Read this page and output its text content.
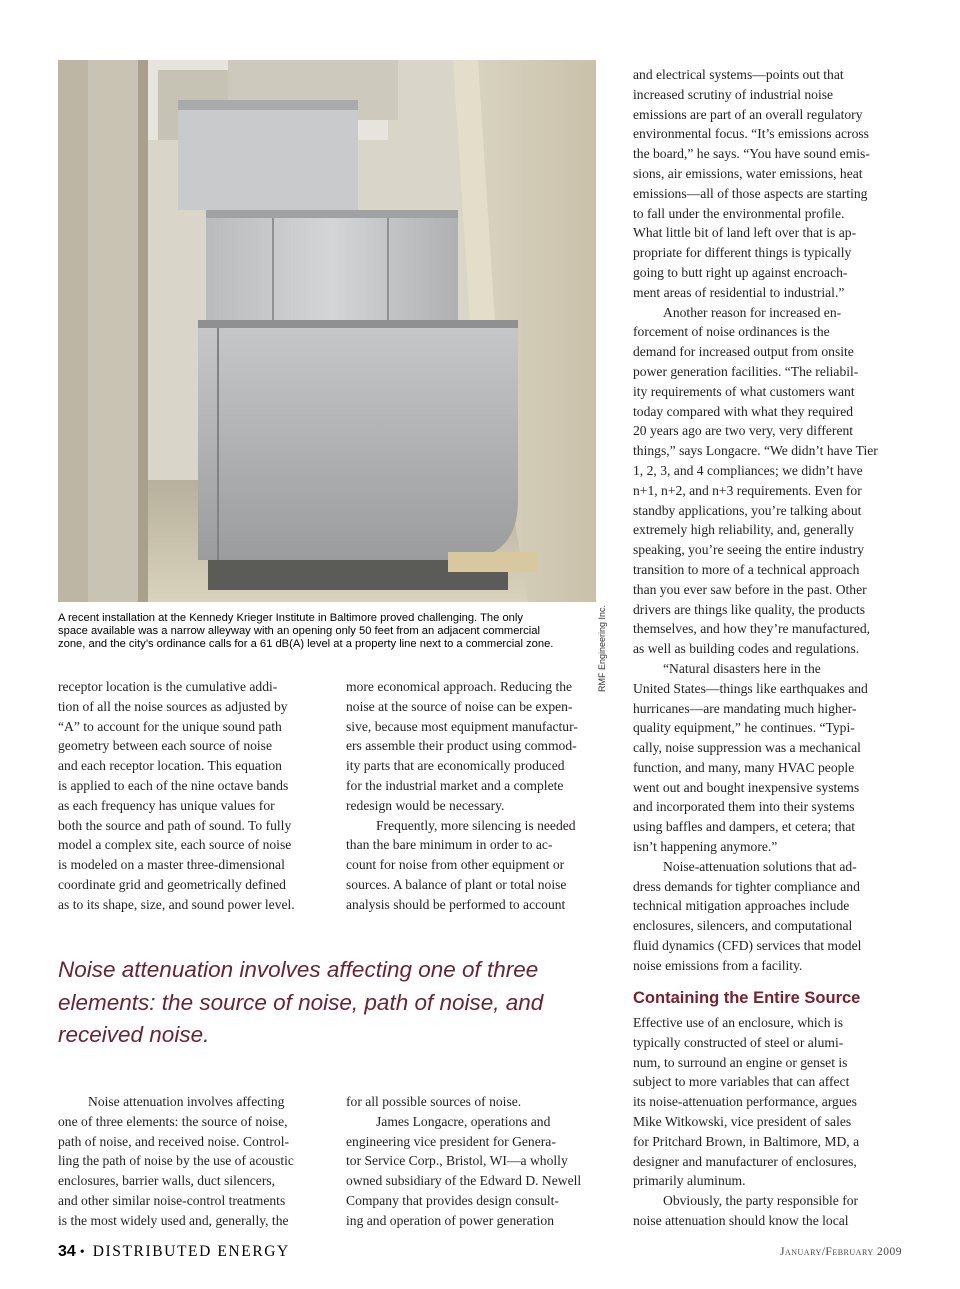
RMF Engineering Inc.

A recent installation at the Kennedy Krieger Institute in Baltimore proved challenging. The only

space available was a narrow alleyway with an opening only 50 feet from an adjacent commercial

zone, and the city’s ordinance calls for a 61 dB(A) level at a property line next to a commercial zone.

receptor location is the cumulative addi-

tion of all the noise sources as adjusted by

“A” to account for the unique sound path

geometry between each source of noise

and each receptor location. This equation

is applied to each of the nine octave bands

as each frequency has unique values for

both the source and path of sound. To fully

model a complex site, each source of noise

is modeled on a master three-dimensional

coordinate grid and geometrically defined

as to its shape, size, and sound power level.

more economical approach. Reducing the

noise at the source of noise can be expen-

sive, because most equipment manufactur-

ers assemble their product using commod-

ity parts that are economically produced

for the industrial market and a complete

redesign would be necessary.

Frequently, more silencing is needed

than the bare minimum in order to ac-

count for noise from other equipment or

sources. A balance of plant or total noise

analysis should be performed to account

Noise attenuation involves affecting one of three

elements: the source of noise, path of noise, and

received noise.

Noise attenuation involves affecting

one of three elements: the source of noise,

path of noise, and received noise. Control-

ling the path of noise by the use of acoustic

enclosures, barrier walls, duct silencers,

and other similar noise-control treatments

is the most widely used and, generally, the

for all possible sources of noise.

James Longacre, operations and

engineering vice president for Genera-

tor Service Corp., Bristol, WI—a wholly

owned subsidiary of the Edward D. Newell

Company that provides design consult-

ing and operation of power generation

and electrical systems—points out that

increased scrutiny of industrial noise

emissions are part of an overall regulatory

environmental focus. “It’s emissions across

the board,” he says. “You have sound emis-

sions, air emissions, water emissions, heat

emissions—all of those aspects are starting

to fall under the environmental profile.

What little bit of land left over that is ap-

propriate for different things is typically

going to butt right up against encroach-

ment areas of residential to industrial.”

Another reason for increased en-

forcement of noise ordinances is the

demand for increased output from onsite

power generation facilities. “The reliabil-

ity requirements of what customers want

today compared with what they required

20 years ago are two very, very different

things,” says Longacre. “We didn’t have Tier

1, 2, 3, and 4 compliances; we didn’t have

n+1, n+2, and n+3 requirements. Even for

standby applications, you’re talking about

extremely high reliability, and, generally

speaking, you’re seeing the entire industry

transition to more of a technical approach

than you ever saw before in the past. Other

drivers are things like quality, the products

themselves, and how they’re manufactured,

as well as building codes and regulations.

“Natural disasters here in the

United States—things like earthquakes and

hurricanes—are mandating much higher-

quality equipment,” he continues. “Typi-

cally, noise suppression was a mechanical

function, and many, many HVAC people

went out and bought inexpensive systems

and incorporated them into their systems

using baffles and dampers, et cetera; that

isn’t happening anymore.”

Noise-attenuation solutions that ad-

dress demands for tighter compliance and

technical mitigation approaches include

enclosures, silencers, and computational

fluid dynamics (CFD) services that model

noise emissions from a facility.

Containing the Entire Source

Effective use of an enclosure, which is

typically constructed of steel or alumi-

num, to surround an engine or genset is

subject to more variables that can affect

its noise-attenuation performance, argues

Mike Witkowski, vice president of sales

for Pritchard Brown, in Baltimore, MD, a

designer and manufacturer of enclosures,

primarily aluminum.

Obviously, the party responsible for

noise attenuation should know the local

34 • DISTRIBUTED ENERGY	January/February 2009
